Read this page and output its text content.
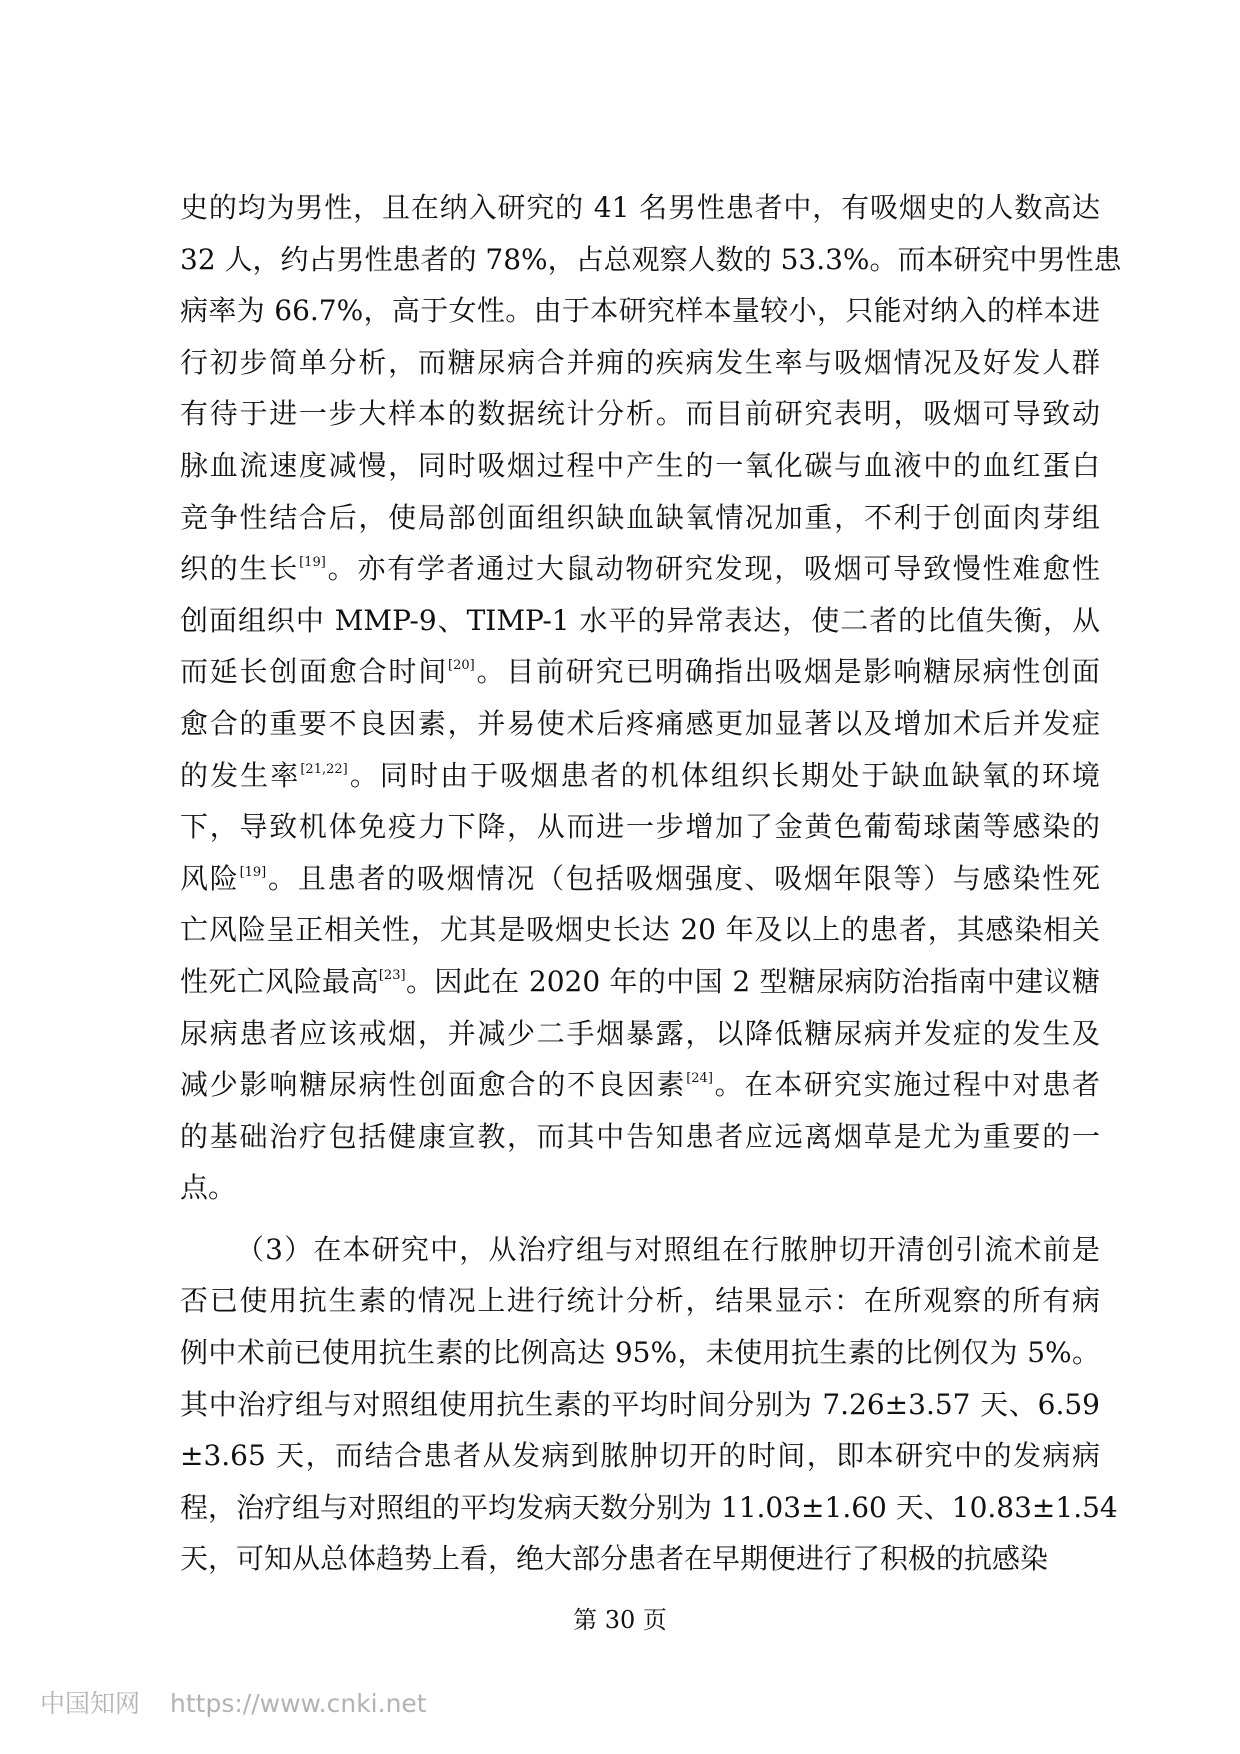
史的均为男性，且在纳入研究的 41 名男性患者中，有吸烟史的人数高达
32 人，约占男性患者的 78%，占总观察人数的 53.3%。而本研究中男性患
病率为 66.7%，高于女性。由于本研究样本量较小，只能对纳入的样本进
行初步简单分析，而糖尿病合并痈的疾病发生率与吸烟情况及好发人群
有待于进一步大样本的数据统计分析。而目前研究表明，吸烟可导致动
脉血流速度减慢，同时吸烟过程中产生的一氧化碳与血液中的血红蛋白
竞争性结合后，使局部创面组织缺血缺氧情况加重，不利于创面肉芽组
织的生长[19]。亦有学者通过大鼠动物研究发现，吸烟可导致慢性难愈性
创面组织中 MMP-9、TIMP-1 水平的异常表达，使二者的比值失衡，从
而延长创面愈合时间[20]。目前研究已明确指出吸烟是影响糖尿病性创面
愈合的重要不良因素，并易使术后疼痛感更加显著以及增加术后并发症
的发生率[21,22]。同时由于吸烟患者的机体组织长期处于缺血缺氧的环境
下，导致机体免疫力下降，从而进一步增加了金黄色葡萄球菌等感染的
风险[19]。且患者的吸烟情况（包括吸烟强度、吸烟年限等）与感染性死
亡风险呈正相关性，尤其是吸烟史长达 20 年及以上的患者，其感染相关
性死亡风险最高[23]。因此在 2020 年的中国 2 型糖尿病防治指南中建议糖
尿病患者应该戒烟，并减少二手烟暴露，以降低糖尿病并发症的发生及
减少影响糖尿病性创面愈合的不良因素[24]。在本研究实施过程中对患者
的基础治疗包括健康宣教，而其中告知患者应远离烟草是尤为重要的一
点。
（3）在本研究中，从治疗组与对照组在行脓肿切开清创引流术前是
否已使用抗生素的情况上进行统计分析，结果显示：在所观察的所有病
例中术前已使用抗生素的比例高达 95%，未使用抗生素的比例仅为 5%。
其中治疗组与对照组使用抗生素的平均时间分别为 7.26±3.57 天、6.59
±3.65 天，而结合患者从发病到脓肿切开的时间，即本研究中的发病病
程，治疗组与对照组的平均发病天数分别为 11.03±1.60 天、10.83±1.54
天，可知从总体趋势上看，绝大部分患者在早期便进行了积极的抗感染
第 30 页
中国知网 https://www.cnki.net
